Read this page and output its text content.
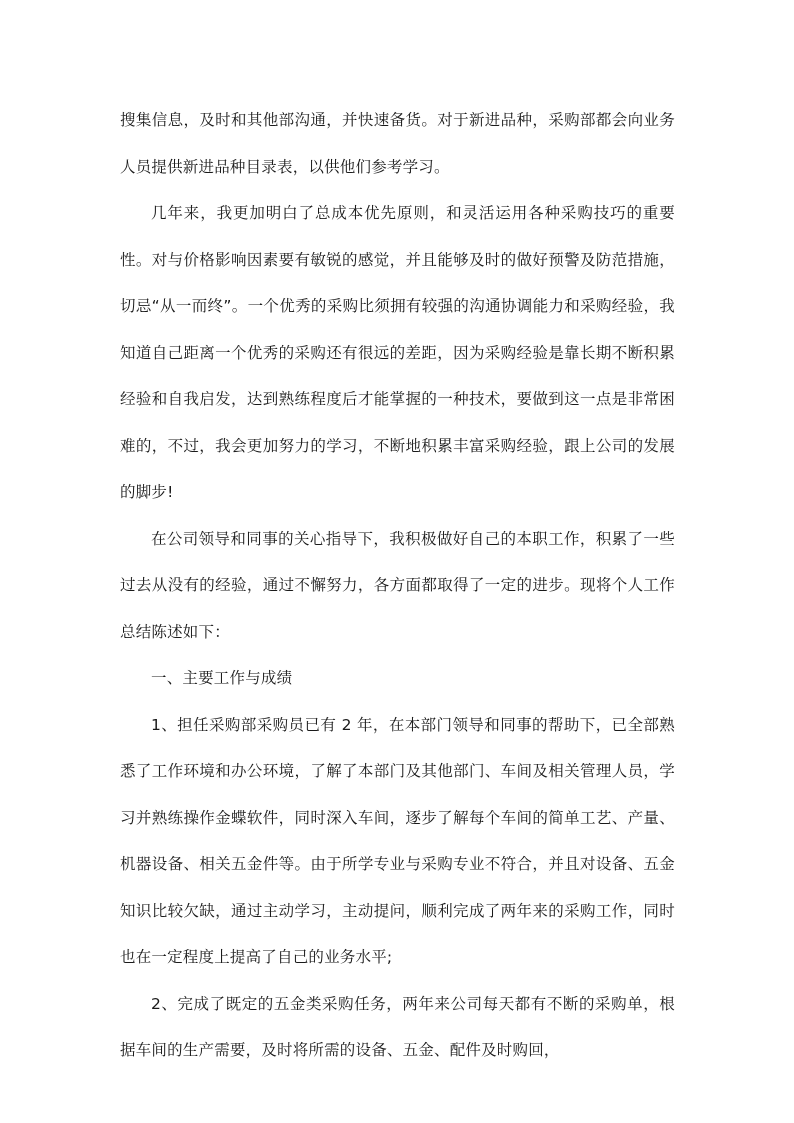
搜集信息，及时和其他部沟通，并快速备货。对于新进品种，采购部都会向业务人员提供新进品种目录表，以供他们参考学习。

几年来，我更加明白了总成本优先原则，和灵活运用各种采购技巧的重要性。对与价格影响因素要有敏锐的感觉，并且能够及时的做好预警及防范措施，切忌“从一而终”。一个优秀的采购比须拥有较强的沟通协调能力和采购经验，我知道自己距离一个优秀的采购还有很远的差距，因为采购经验是靠长期不断积累经验和自我启发，达到熟练程度后才能掌握的一种技术，要做到这一点是非常困难的，不过，我会更加努力的学习，不断地积累丰富采购经验，跟上公司的发展的脚步!

在公司领导和同事的关心指导下，我积极做好自己的本职工作，积累了一些过去从没有的经验，通过不懈努力，各方面都取得了一定的进步。现将个人工作总结陈述如下：

一、主要工作与成绩

1、担任采购部采购员已有 2 年，在本部门领导和同事的帮助下，已全部熟悉了工作环境和办公环境，了解了本部门及其他部门、车间及相关管理人员，学习并熟练操作金蝶软件，同时深入车间，逐步了解每个车间的简单工艺、产量、机器设备、相关五金件等。由于所学专业与采购专业不符合，并且对设备、五金知识比较欠缺，通过主动学习，主动提问，顺利完成了两年来的采购工作，同时也在一定程度上提高了自己的业务水平;

2、完成了既定的五金类采购任务，两年来公司每天都有不断的采购单，根据车间的生产需要，及时将所需的设备、五金、配件及时购回，
